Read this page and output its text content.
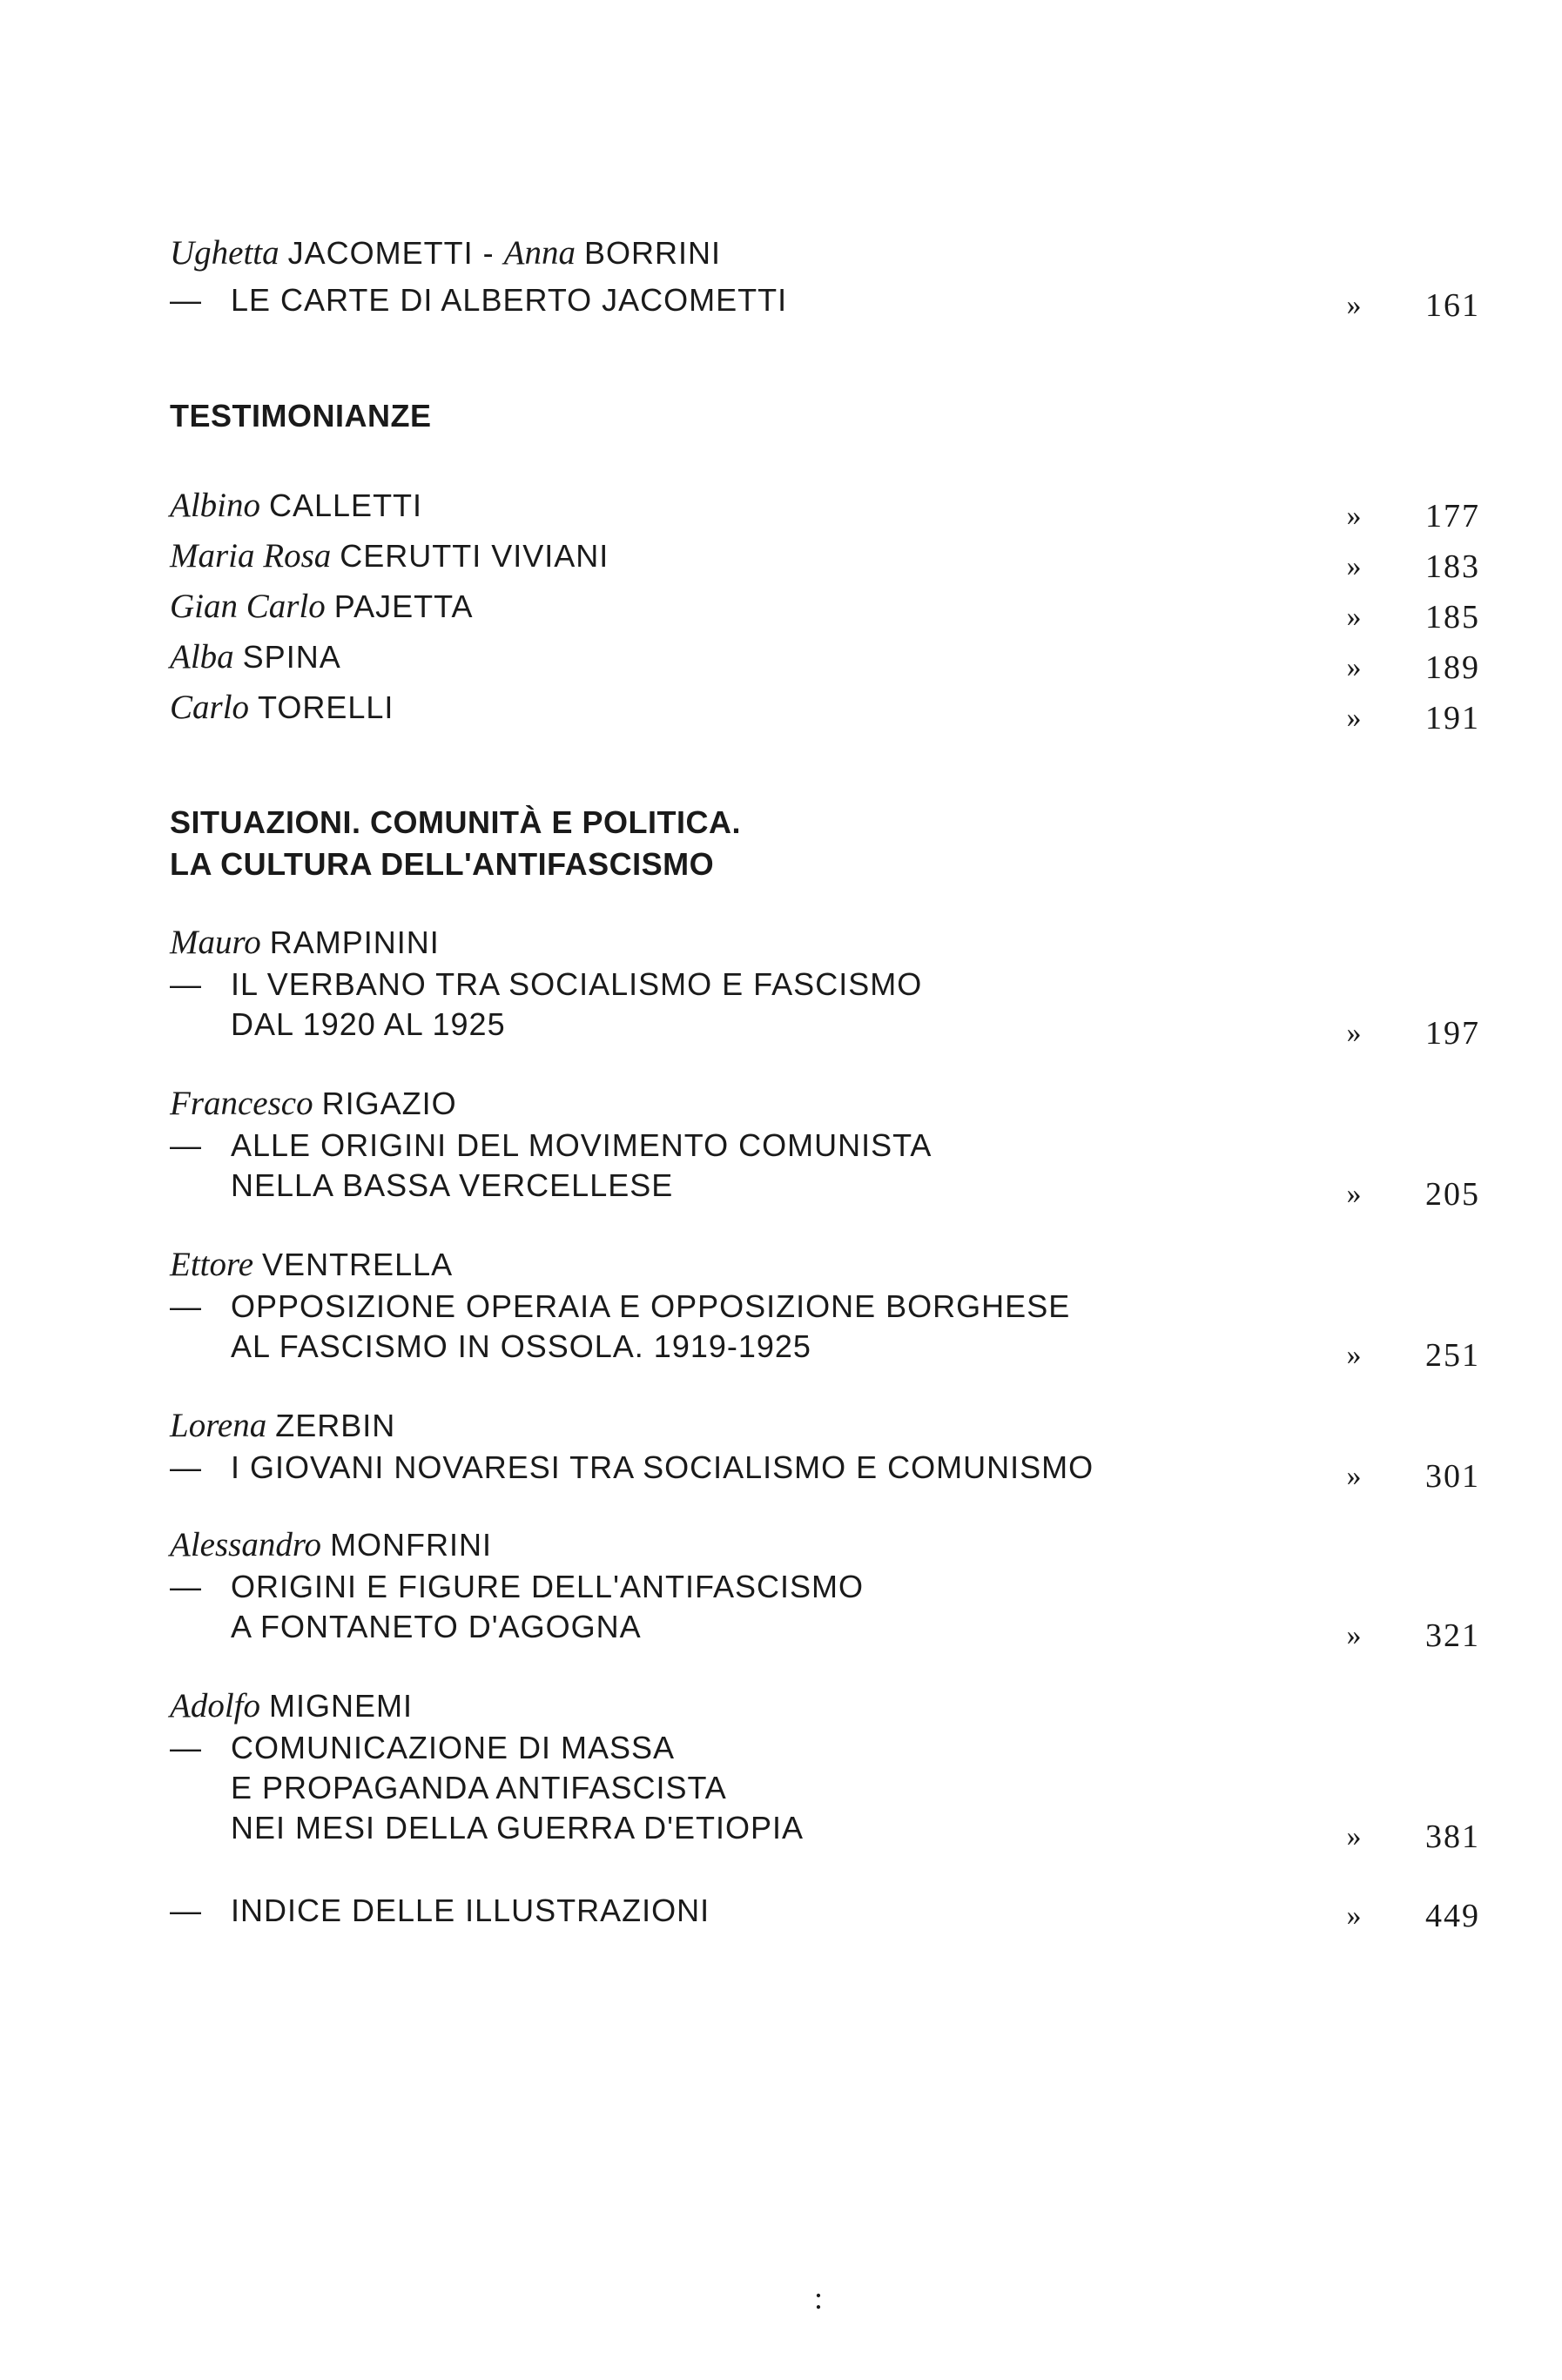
Ughetta JACOMETTI - Anna BORRINI
— LE CARTE DI ALBERTO JACOMETTI	»	161
TESTIMONIANZE
Albino CALLETTI	»	177
Maria Rosa CERUTTI VIVIANI	»	183
Gian Carlo PAJETTA	»	185
Alba SPINA	»	189
Carlo TORELLI	»	191
SITUAZIONI. COMUNITÀ E POLITICA.
LA CULTURA DELL'ANTIFASCISMO
Mauro RAMPININI
— IL VERBANO TRA SOCIALISMO E FASCISMO
DAL 1920 AL 1925	»	197
Francesco RIGAZIO
— ALLE ORIGINI DEL MOVIMENTO COMUNISTA
NELLA BASSA VERCELLESE	»	205
Ettore VENTRELLA
— OPPOSIZIONE OPERAIA E OPPOSIZIONE BORGHESE
AL FASCISMO IN OSSOLA. 1919-1925	»	251
Lorena ZERBIN
— I GIOVANI NOVARESI TRA SOCIALISMO E COMUNISMO	»	301
Alessandro MONFRINI
— ORIGINI E FIGURE DELL'ANTIFASCISMO
A FONTANETO D'AGOGNA	»	321
Adolfo MIGNEMI
— COMUNICAZIONE DI MASSA
E PROPAGANDA ANTIFASCISTA
NEI MESI DELLA GUERRA D'ETIOPIA	»	381
— INDICE DELLE ILLUSTRAZIONI	»	449
:
